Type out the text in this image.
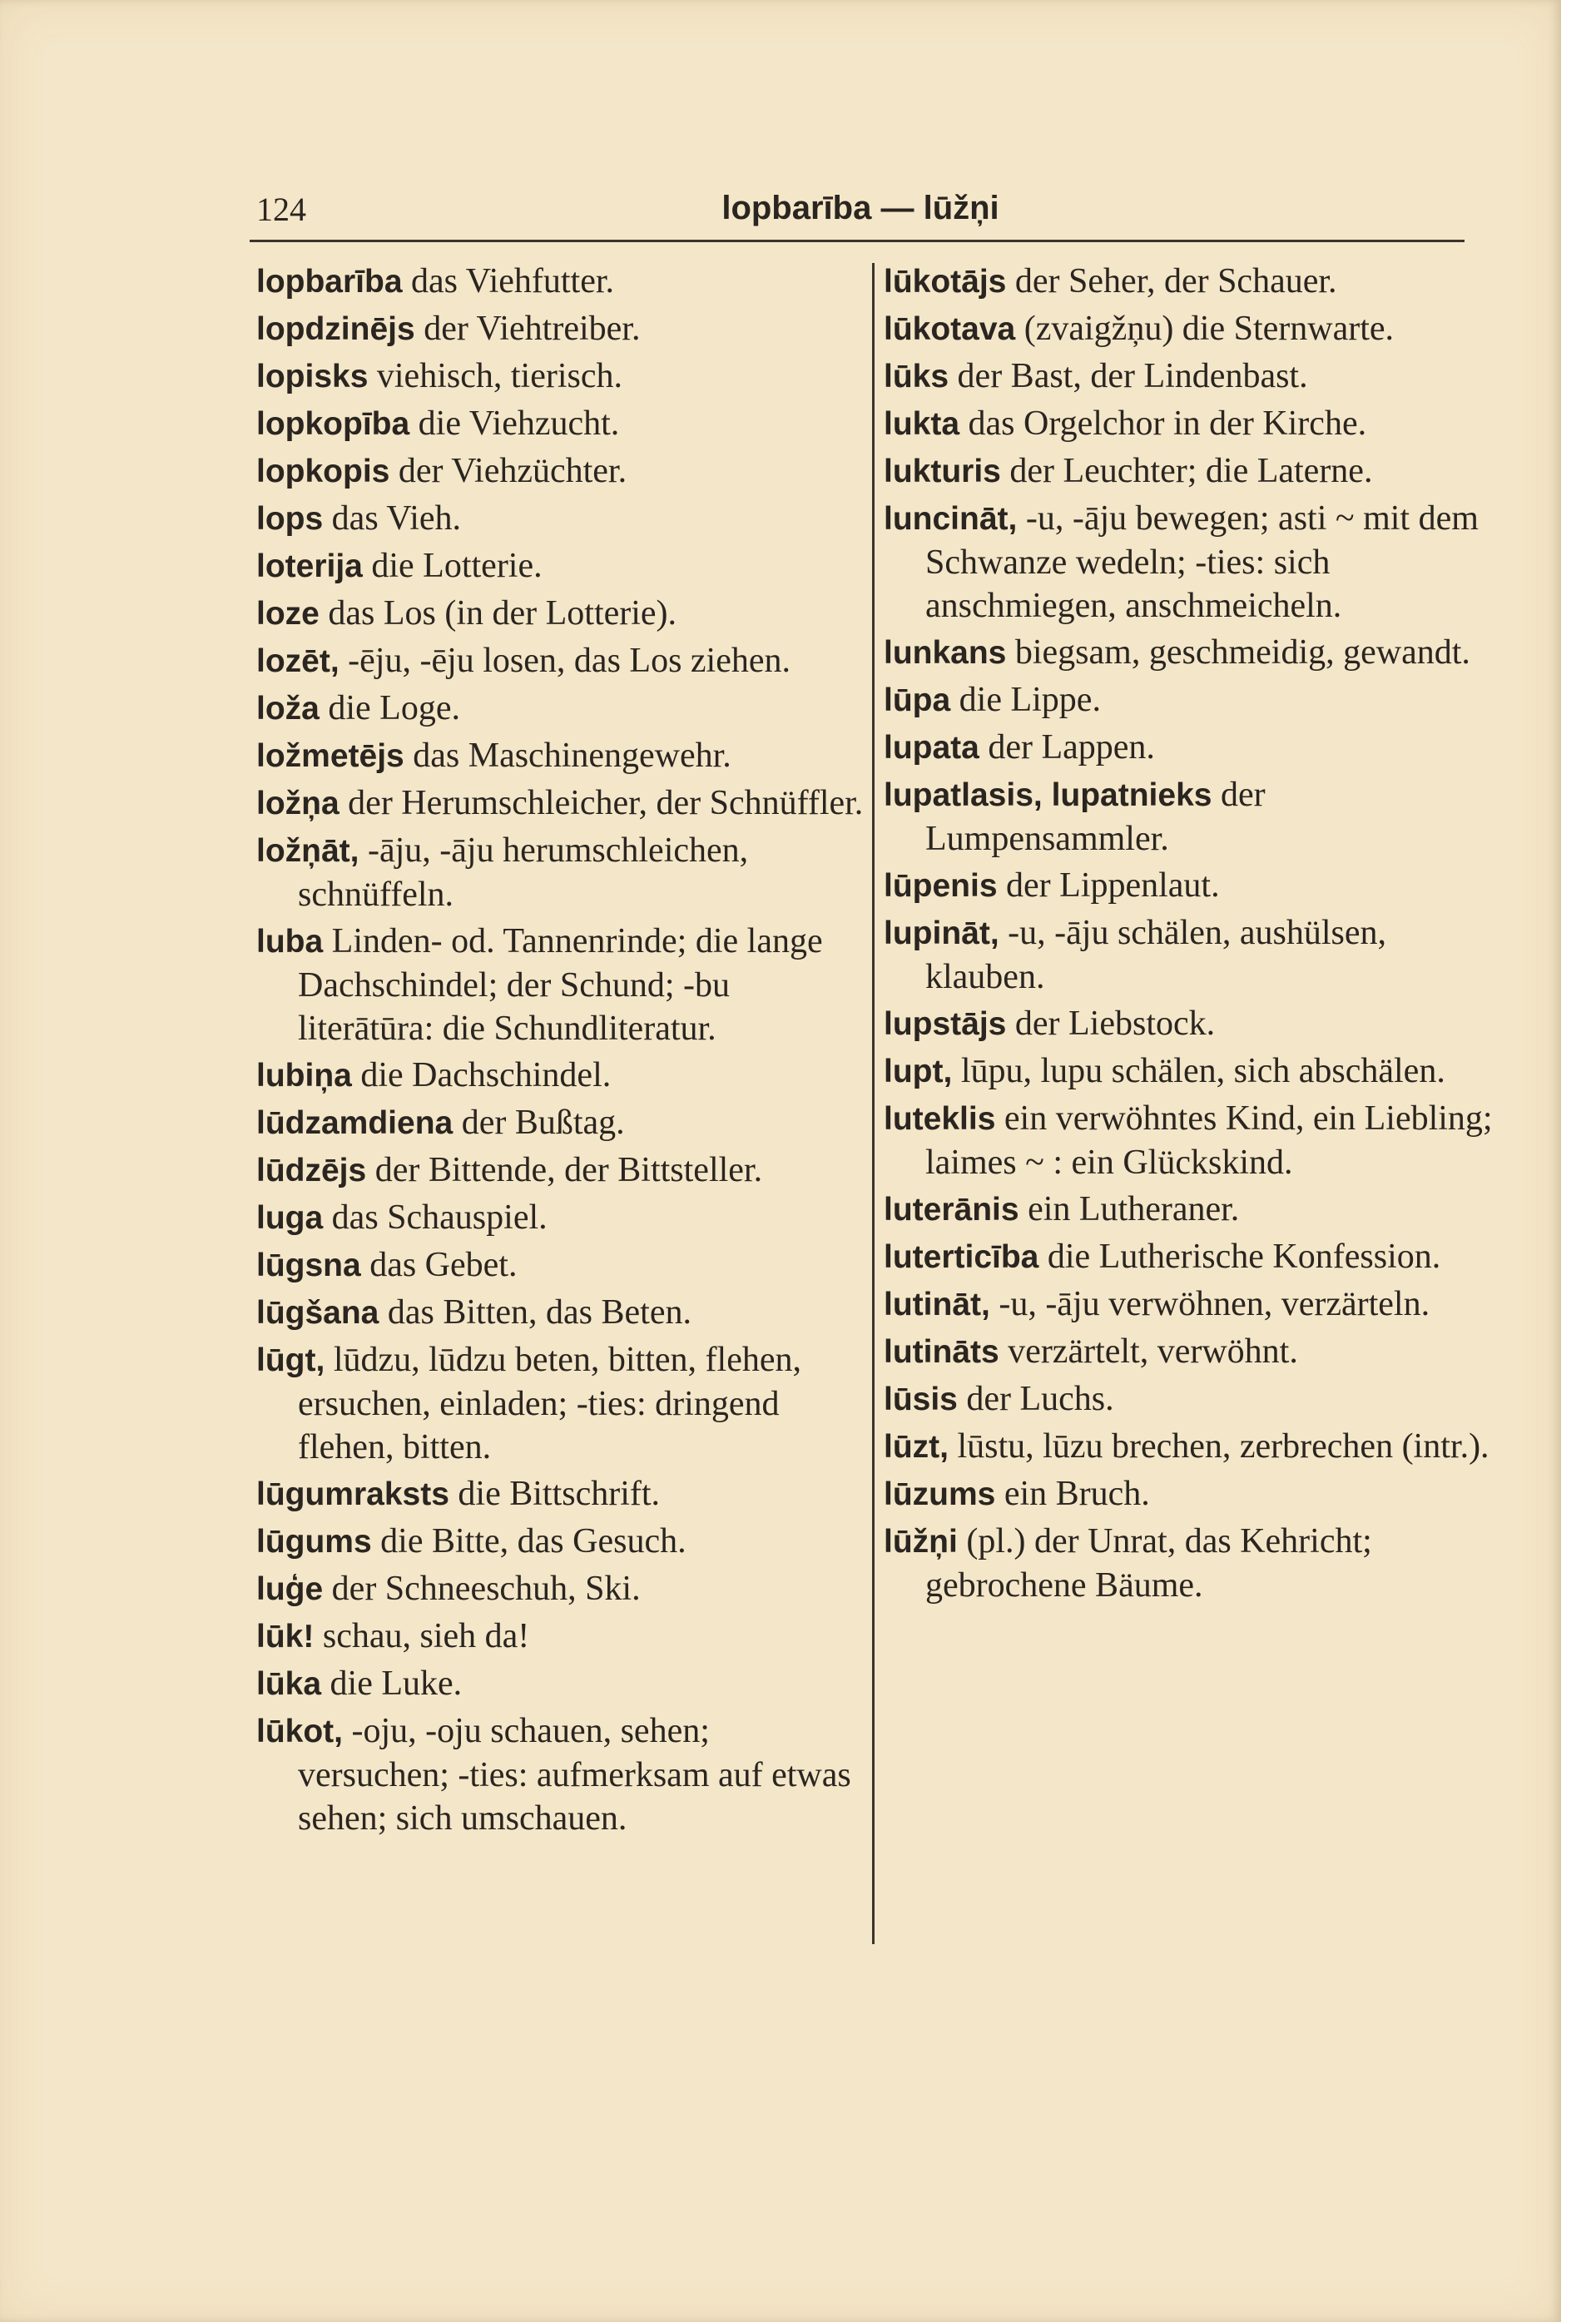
124	lopbarība — lūžņi

lopbarība das Viehfutter.

lopdzinējs der Viehtreiber.

lopisks viehisch, tierisch.

lopkopība die Viehzucht.

lopkopis der Viehzüchter.

lops das Vieh.

loterija die Lotterie.

loze das Los (in der Lotterie).

lozēt, -ēju, -ēju losen, das Los ziehen.

loža die Loge.

ložmetējs das Maschinengewehr.

ložņa der Herumschleicher, der Schnüffler.

ložņāt, -āju, -āju herumschleichen, schnüffeln.

luba Linden- od. Tannenrinde; die lange Dachschindel; der Schund; -bu literātūra: die Schundliteratur.

lubiņa die Dachschindel.

lūdzamdiena der Bußtag.

lūdzējs der Bittende, der Bittsteller.

luga das Schauspiel.

lūgsna das Gebet.

lūgšana das Bitten, das Beten.

lūgt, lūdzu, lūdzu beten, bitten, flehen, ersuchen, einladen; -ties: dringend flehen, bitten.

lūgumraksts die Bittschrift.

lūgums die Bitte, das Gesuch.

luģe der Schneeschuh, Ski.

lūk! schau, sieh da!

lūka die Luke.

lūkot, -oju, -oju schauen, sehen; versuchen; -ties: aufmerksam auf etwas sehen; sich umschauen.

lūkotājs der Seher, der Schauer.

lūkotava (zvaigžņu) die Sternwarte.

lūks der Bast, der Lindenbast.

lukta das Orgelchor in der Kirche.

lukturis der Leuchter; die Laterne.

luncināt, -u, -āju bewegen; asti ~ mit dem Schwanze wedeln; -ties: sich anschmiegen, anschmeicheln.

lunkans biegsam, geschmeidig, gewandt.

lūpa die Lippe.

lupata der Lappen.

lupatlasis, lupatnieks der Lumpensammler.

lūpenis der Lippenlaut.

lupināt, -u, -āju schälen, aushülsen, klauben.

lupstājs der Liebstock.

lupt, lūpu, lupu schälen, sich abschälen.

luteklis ein verwöhntes Kind, ein Liebling; laimes ~ : ein Glückskind.

luterānis ein Lutheraner.

luterticība die Lutherische Konfession.

lutināt, -u, -āju verwöhnen, verzärteln.

lutināts verzärtelt, verwöhnt.

lūsis der Luchs.

lūzt, lūstu, lūzu brechen, zerbrechen (intr.).

lūzums ein Bruch.

lūžņi (pl.) der Unrat, das Kehricht; gebrochene Bäume.
